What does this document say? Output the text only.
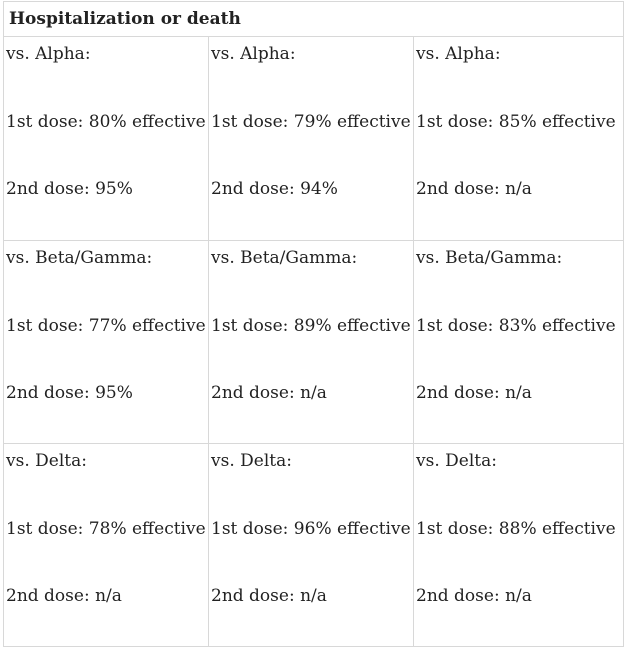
Hospitalization or death		

vs. Alpha:
1st dose: 80% effective
2nd dose: 95%	vs. Alpha:
1st dose: 79% effective
2nd dose: 94%	vs. Alpha:
1st dose: 85% effective
2nd dose: n/a

vs. Beta/Gamma:
1st dose: 77% effective
2nd dose: 95%	vs. Beta/Gamma:
1st dose: 89% effective
2nd dose: n/a	vs. Beta/Gamma:
1st dose: 83% effective
2nd dose: n/a

vs. Delta:
1st dose: 78% effective
2nd dose: n/a	vs. Delta:
1st dose: 96% effective
2nd dose: n/a	vs. Delta:
1st dose: 88% effective
2nd dose: n/a
